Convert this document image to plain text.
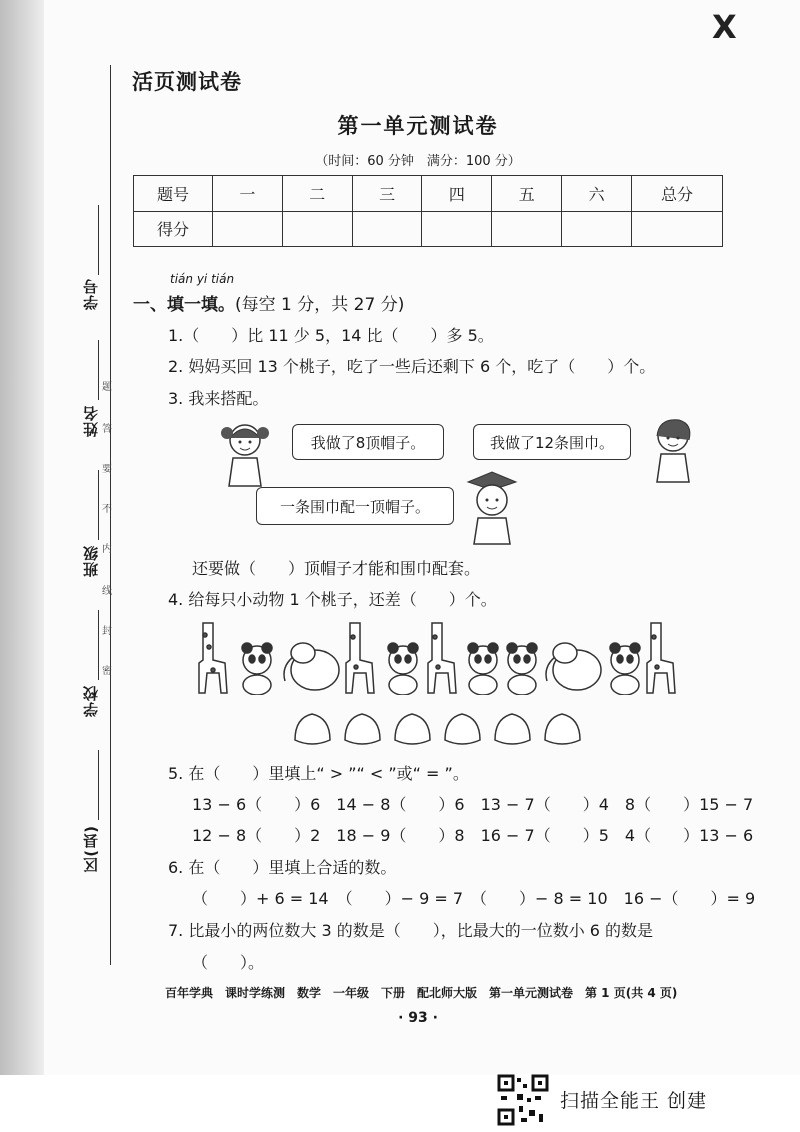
X
学号
姓名
班级
学校
区(县)
题
答
要
不
内
线
封
密
活页测试卷
第一单元测试卷
（时间：60 分钟　满分：100 分）
题号	一	二	三	四	五	六	总分
得分							
tián yi tián
一、填一填。(每空 1 分，共 27 分)
1.（　　）比 11 少 5，14 比（　　）多 5。
2. 妈妈买回 13 个桃子，吃了一些后还剩下 6 个，吃了（　　）个。
3. 我来搭配。
我做了8顶帽子。	我做了12条围巾。
一条围巾配一顶帽子。
还要做（　　）顶帽子才能和围巾配套。
4. 给每只小动物 1 个桃子，还差（　　）个。
5. 在（　　）里填上“ > ”“ < ”或“ = ”。
13 − 6（　　）6　14 − 8（　　）6　13 − 7（　　）4　8（　　）15 − 7
12 − 8（　　）2　18 − 9（　　）8　16 − 7（　　）5　4（　　）13 − 6
6. 在（　　）里填上合适的数。
（　　）+ 6 = 14　（　　）− 9 = 7　（　　）− 8 = 10　16 −（　　）= 9
7. 比最小的两位数大 3 的数是（　　），比最大的一位数小 6 的数是
（　　）。
百年学典　课时学练测　数学　一年级　下册　配北师大版　第一单元测试卷　第 1 页(共 4 页)
· 93 ·
扫描全能王 创建
